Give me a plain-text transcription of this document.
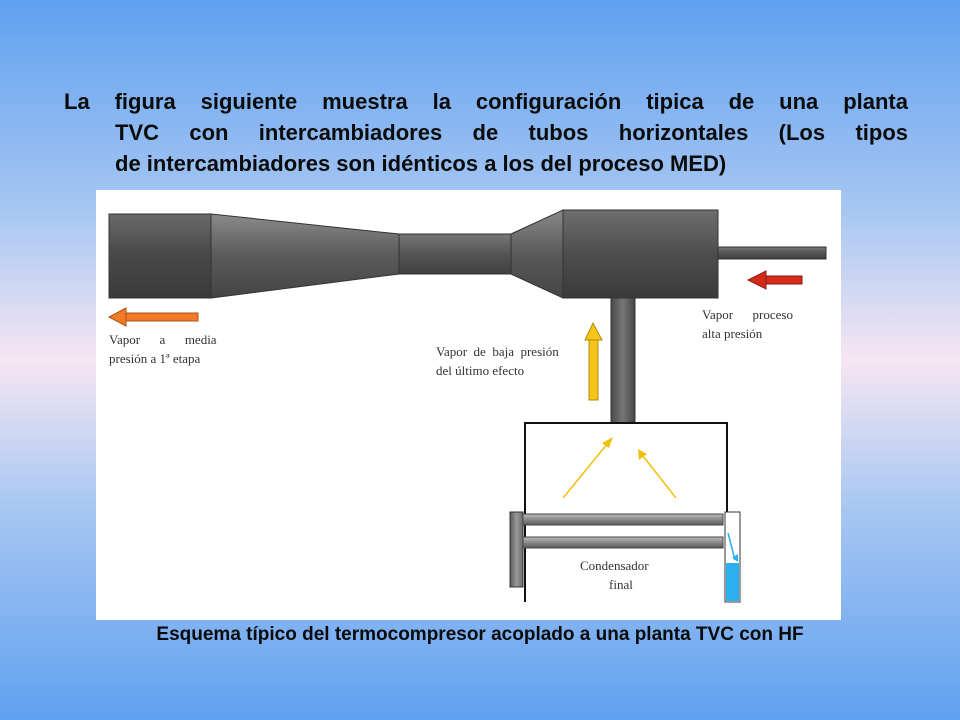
La figura siguiente muestra la configuración tipica de una planta
TVC con intercambiadores de tubos horizontales (Los tipos
de intercambiadores son idénticos a los del proceso MED)
Vapor      a      media
presión a 1ª etapa	Vapor  de  baja  presión
del último efecto
Vapor      proceso
alta presión
Condensador
final
Esquema típico del termocompresor acoplado a una planta TVC con HF
